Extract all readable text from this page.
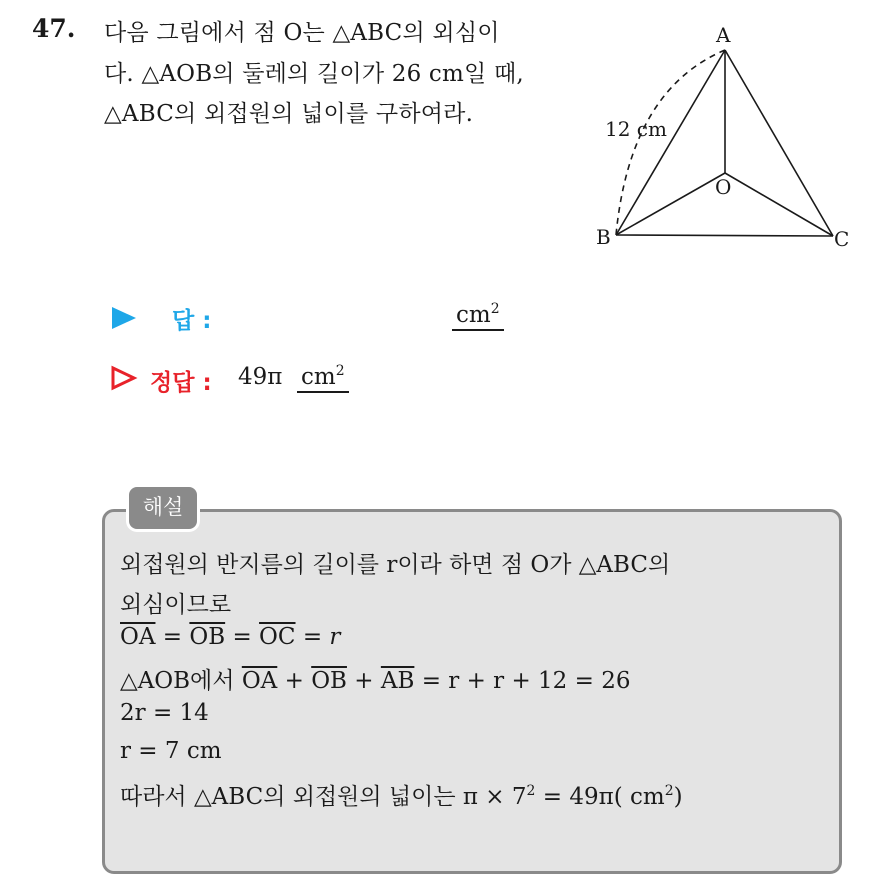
47. 다음 그림에서 점 O는 △ABC의 외심이
다. △AOB의 둘레의 길이가 26 cm일 때,
△ABC의 외접원의 넓이를 구하여라.
A
B	C
O
12 cm
답 :	$cm^2$
정답 : 49π $cm^2$
해설
외접원의 반지름의 길이를 r이라 하면 점 O가 △ABC의
외심이므로
$\overline{OA} = \overline{OB} = \overline{OC} = r$
△AOB에서 $\overline{OA} + \overline{OB} + \overline{AB} = r + r + 12 = 26$
2r = 14
r = 7 cm
따라서 △ABC의 외접원의 넓이는 $\pi \times 7^2 = 49\pi$( $cm^2$)
